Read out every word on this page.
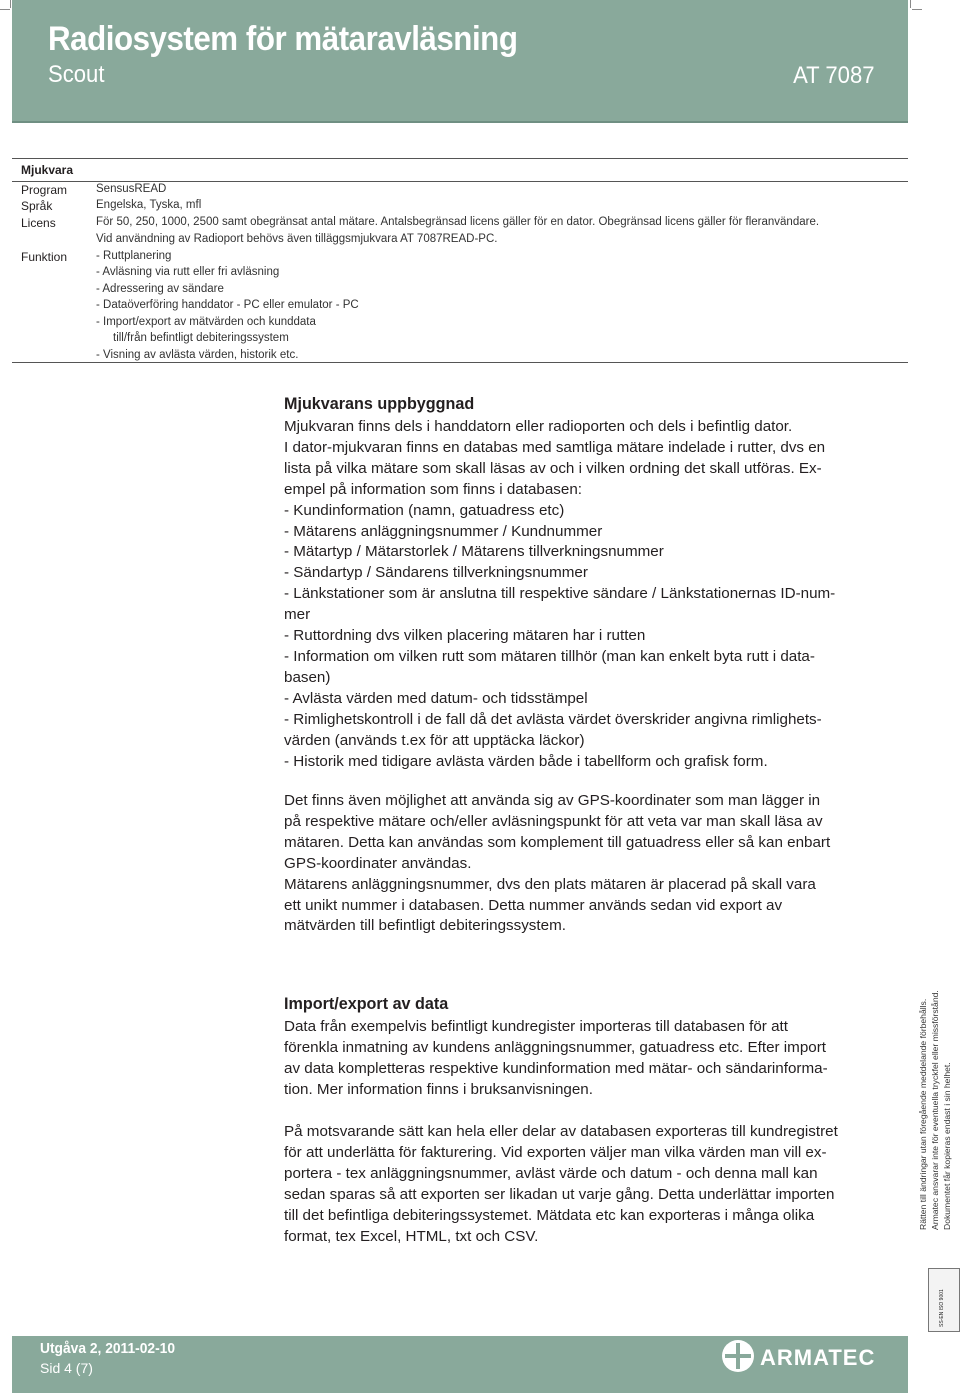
Radiosystem för mätaravläsning
Scout	AT 7087
Mjukvara
Program	SensusREAD
Språk	Engelska, Tyska, mfl
Licens	För 50, 250, 1000, 2500 samt obegränsat antal mätare. Antalsbegränsad licens gäller för en dator. Obegränsad licens gäller för fleranvändare.
Vid användning av Radioport behövs även tilläggsmjukvara AT 7087READ-PC.
Funktion	- Ruttplanering
- Avläsning via rutt eller fri avläsning
- Adressering av sändare
- Dataöverföring handdator - PC eller emulator - PC
- Import/export av mätvärden och kunddata
till/från befintligt debiteringssystem
- Visning av avlästa värden, historik etc.
Mjukvarans uppbyggnad
Mjukvaran finns dels i handdatorn eller radioporten och dels i befintlig dator.
I dator-mjukvaran finns en databas med samtliga mätare indelade i rutter, dvs en
lista på vilka mätare som skall läsas av och i vilken ordning det skall utföras. Ex-
empel på information som finns i databasen:
- Kundinformation (namn, gatuadress etc)
- Mätarens anläggningsnummer / Kundnummer
- Mätartyp / Mätarstorlek / Mätarens tillverkningsnummer
- Sändartyp / Sändarens tillverkningsnummer
- Länkstationer som är anslutna till respektive sändare / Länkstationernas ID-num-
mer
- Ruttordning dvs vilken placering mätaren har i rutten
- Information om vilken rutt som mätaren tillhör (man kan enkelt byta rutt i data-
basen)
- Avlästa värden med datum- och tidsstämpel
- Rimlighetskontroll i de fall då det avlästa värdet överskrider angivna rimlighets-
värden (används t.ex för att upptäcka läckor)
- Historik med tidigare avlästa värden både i tabellform och grafisk form.
Det finns även möjlighet att använda sig av GPS-koordinater som man lägger in
på respektive mätare och/eller avläsningspunkt för att veta var man skall läsa av
mätaren. Detta kan användas som komplement till gatuadress eller så kan enbart
GPS-koordinater användas.
Mätarens anläggningsnummer, dvs den plats mätaren är placerad på skall vara
ett unikt nummer i databasen. Detta nummer används sedan vid export av
mätvärden till befintligt debiteringssystem.
Import/export av data
Data från exempelvis befintligt kundregister importeras till databasen för att
förenkla inmatning av kundens anläggningsnummer, gatuadress etc. Efter import
av data kompletteras respektive kundinformation med mätar- och sändarinforma-
tion. Mer information finns i bruksanvisningen.
På motsvarande sätt kan hela eller delar av databasen exporteras till kundregistret
för att underlätta för fakturering. Vid exporten väljer man vilka värden man vill ex-
portera - tex anläggningsnummer, avläst värde och datum - och denna mall kan
sedan sparas så att exporten ser likadan ut varje gång. Detta underlättar importen
till det befintliga debiteringssystemet. Mätdata etc kan exporteras i många olika
format, tex Excel, HTML, txt och CSV.
Rätten till ändringar utan föregående meddelande förbehålls. Armatec ansvarar inte för eventuella tryckfel eller missförstånd. Dokumentet får kopieras endast i sin helhet.
SS-EN ISO 9001
Utgåva 2, 2011-02-10
Sid 4 (7)	ARMATEC
